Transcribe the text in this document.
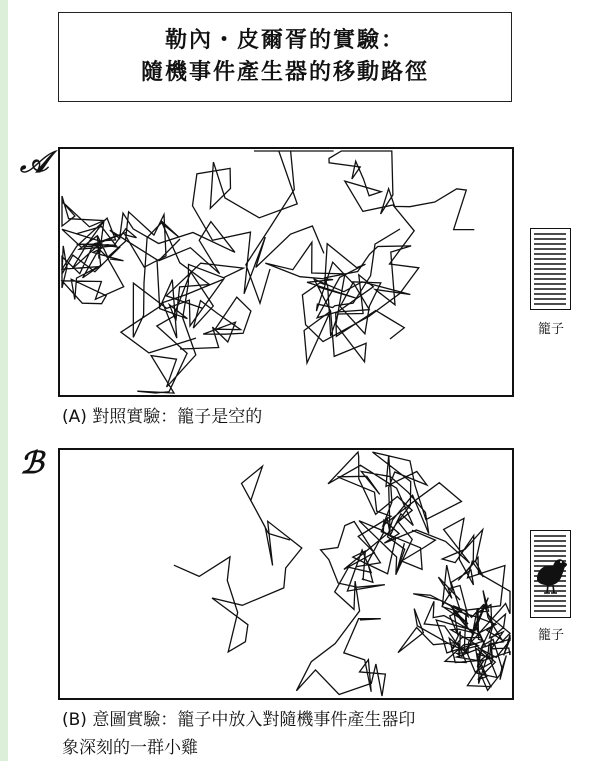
勒內・皮爾胥的實驗：
隨機事件產生器的移動路徑
𝒜
籠子
(A) 對照實驗：籠子是空的
ℬ
籠子
(B) 意圖實驗：籠子中放入對隨機事件產生器印
象深刻的一群小雞
